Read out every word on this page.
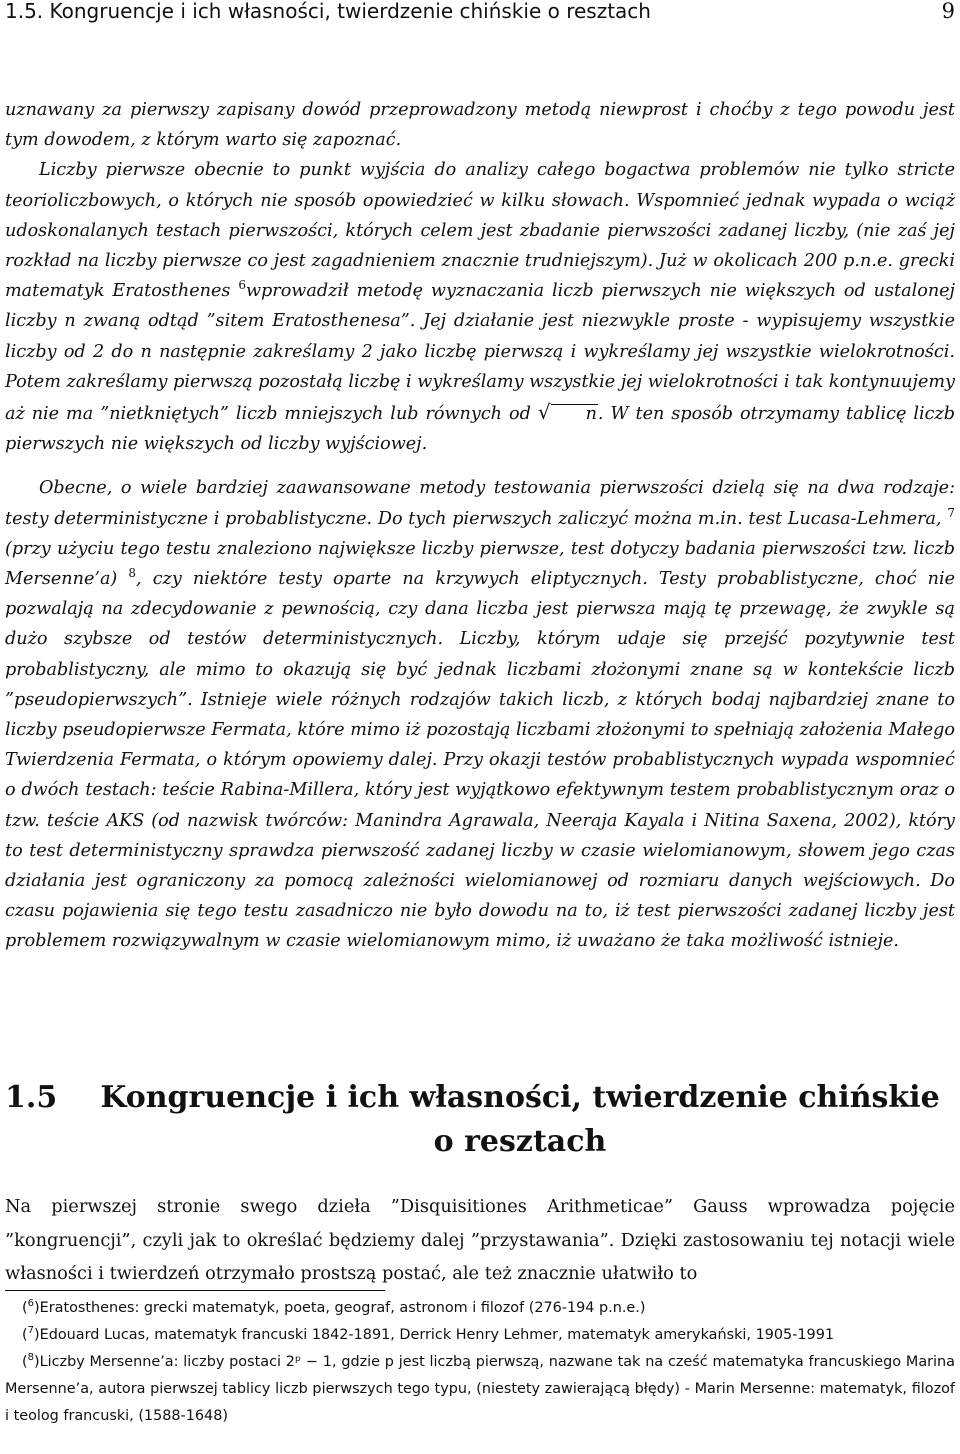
1.5. Kongruencje i ich własności, twierdzenie chińskie o resztach	9

uznawany za pierwszy zapisany dowód przeprowadzony metodą niewprost i choćby z tego powodu jest tym dowodem, z którym warto się zapoznać.

Liczby pierwsze obecnie to punkt wyjścia do analizy całego bogactwa problemów nie tylko stricte teorioliczbowych, o których nie sposób opowiedzieć w kilku słowach. Wspomnieć jednak wypada o wciąż udoskonalanych testach pierwszości, których celem jest zbadanie pierwszości zadanej liczby, (nie zaś jej rozkład na liczby pierwsze co jest zagadnieniem znacznie trudniejszym). Już w okolicach 200 p.n.e. grecki matematyk Eratosthenes $^6$wprowadził metodę wyznaczania liczb pierwszych nie większych od ustalonej liczby n zwaną odtąd ”sitem Eratosthenesa”. Jej działanie jest niezwykle proste - wypisujemy wszystkie liczby od 2 do n następnie zakreślamy 2 jako liczbę pierwszą i wykreślamy jej wszystkie wielokrotności. Potem zakreślamy pierwszą pozostałą liczbę i wykreślamy wszystkie jej wielokrotności i tak kontynuujemy aż nie ma ”nietkniętych” liczb mniejszych lub równych od √ n. W ten sposób otrzymamy tablicę liczb pierwszych nie większych od liczby wyjściowej.

Obecne, o wiele bardziej zaawansowane metody testowania pierwszości dzielą się na dwa rodzaje: testy deterministyczne i probablistyczne. Do tych pierwszych zaliczyć można m.in. test Lucasa-Lehmera, $^7$ (przy użyciu tego testu znaleziono największe liczby pierwsze, test dotyczy badania pierwszości tzw. liczb Mersenne’a) $^8$, czy niektóre testy oparte na krzywych eliptycznych. Testy probablistyczne, choć nie pozwalają na zdecydowanie z pewnością, czy dana liczba jest pierwsza mają tę przewagę, że zwykle są dużo szybsze od testów deterministycznych. Liczby, którym udaje się przejść pozytywnie test probablistyczny, ale mimo to okazują się być jednak liczbami złożonymi znane są w kontekście liczb ”pseudopierwszych”. Istnieje wiele różnych rodzajów takich liczb, z których bodaj najbardziej znane to liczby pseudopierwsze Fermata, które mimo iż pozostają liczbami złożonymi to spełniają założenia Małego Twierdzenia Fermata, o którym opowiemy dalej. Przy okazji testów probablistycznych wypada wspomnieć o dwóch testach: teście Rabina-Millera, który jest wyjątkowo efektywnym testem probablistycznym oraz o tzw. teście AKS (od nazwisk twórców: Manindra Agrawala, Neeraja Kayala i Nitina Saxena, 2002), który to test deterministyczny sprawdza pierwszość zadanej liczby w czasie wielomianowym, słowem jego czas działania jest ograniczony za pomocą zależności wielomianowej od rozmiaru danych wejściowych. Do czasu pojawienia się tego testu zasadniczo nie było dowodu na to, iż test pierwszości zadanej liczby jest problemem rozwiązywalnym w czasie wielomianowym mimo, iż uważano że taka możliwość istnieje.

1.5	Kongruencje i ich własności, twierdzenie chińskie o resztach

Na pierwszej stronie swego dzieła ”Disquisitiones Arithmeticae” Gauss wprowadza pojęcie ”kongruencji”, czyli jak to określać będziemy dalej ”przystawania”. Dzięki zastosowaniu tej notacji wiele własności i twierdzeń otrzymało prostszą postać, ale też znacznie ułatwiło to

($^6$)Eratosthenes: grecki matematyk, poeta, geograf, astronom i filozof (276-194 p.n.e.)

($^7$)Edouard Lucas, matematyk francuski 1842-1891, Derrick Henry Lehmer, matematyk amerykański, 1905-1991

($^8$)Liczby Mersenne’a: liczby postaci 2ᵖ − 1, gdzie p jest liczbą pierwszą, nazwane tak na cześć matematyka francuskiego Marina Mersenne’a, autora pierwszej tablicy liczb pierwszych tego typu, (niestety zawierającą błędy) - Marin Mersenne: matematyk, filozof i teolog francuski, (1588-1648)
